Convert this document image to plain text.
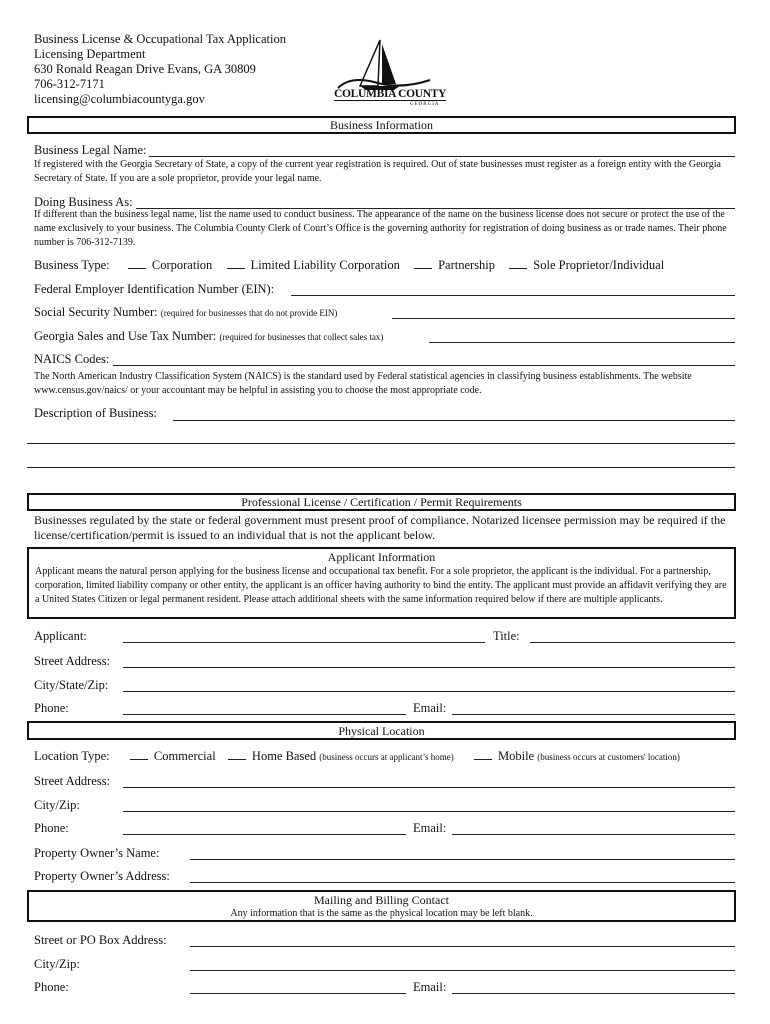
Business License & Occupational Tax Application
Licensing Department
630 Ronald Reagan Drive Evans, GA 30809
706-312-7171
licensing@columbiacountyga.gov	COLUMBIA COUNTY
GEORGIA
Business Information
Business Legal Name:
If registered with the Georgia Secretary of State, a copy of the current year registration is required. Out of state businesses must register as a foreign entity with the Georgia Secretary of State. If you are a sole proprietor, provide your legal name.
Doing Business As:
If different than the business legal name, list the name used to conduct business. The appearance of the name on the business license does not secure or protect the use of the name exclusively to your business. The Columbia County Clerk of Court’s Office is the governing authority for registration of doing business as or trade names. Their phone number is 706-312-7139.
Business Type:	Corporation	Limited Liability Corporation	Partnership	Sole Proprietor/Individual
Federal Employer Identification Number (EIN):
Social Security Number: (required for businesses that do not provide EIN)
Georgia Sales and Use Tax Number: (required for businesses that collect sales tax)
NAICS Codes:
The North American Industry Classification System (NAICS) is the standard used by Federal statistical agencies in classifying business establishments. The website www.census.gov/naics/ or your accountant may be helpful in assisting you to choose the most appropriate code.
Description of Business:
Professional License / Certification / Permit Requirements
Businesses regulated by the state or federal government must present proof of compliance. Notarized licensee permission may be required if the license/certification/permit is issued to an individual that is not the applicant below.
Applicant Information
Applicant means the natural person applying for the business license and occupational tax benefit. For a sole proprietor, the applicant is the individual. For a partnership, corporation, limited liability company or other entity, the applicant is an officer having authority to bind the entity. The applicant must provide an affidavit verifying they are a United States Citizen or legal permanent resident. Please attach additional sheets with the same information required below if there are multiple applicants.
Applicant:	Title:
Street Address:
City/State/Zip:
Phone:	Email:
Physical Location
Location Type:	Commercial	Home Based (business occurs at applicant’s home)	Mobile (business occurs at customers' location)
Street Address:
City/Zip:
Phone:	Email:
Property Owner’s Name:
Property Owner’s Address:
Mailing and Billing Contact
Any information that is the same as the physical location may be left blank.
Street or PO Box Address:
City/Zip:
Phone:	Email:
